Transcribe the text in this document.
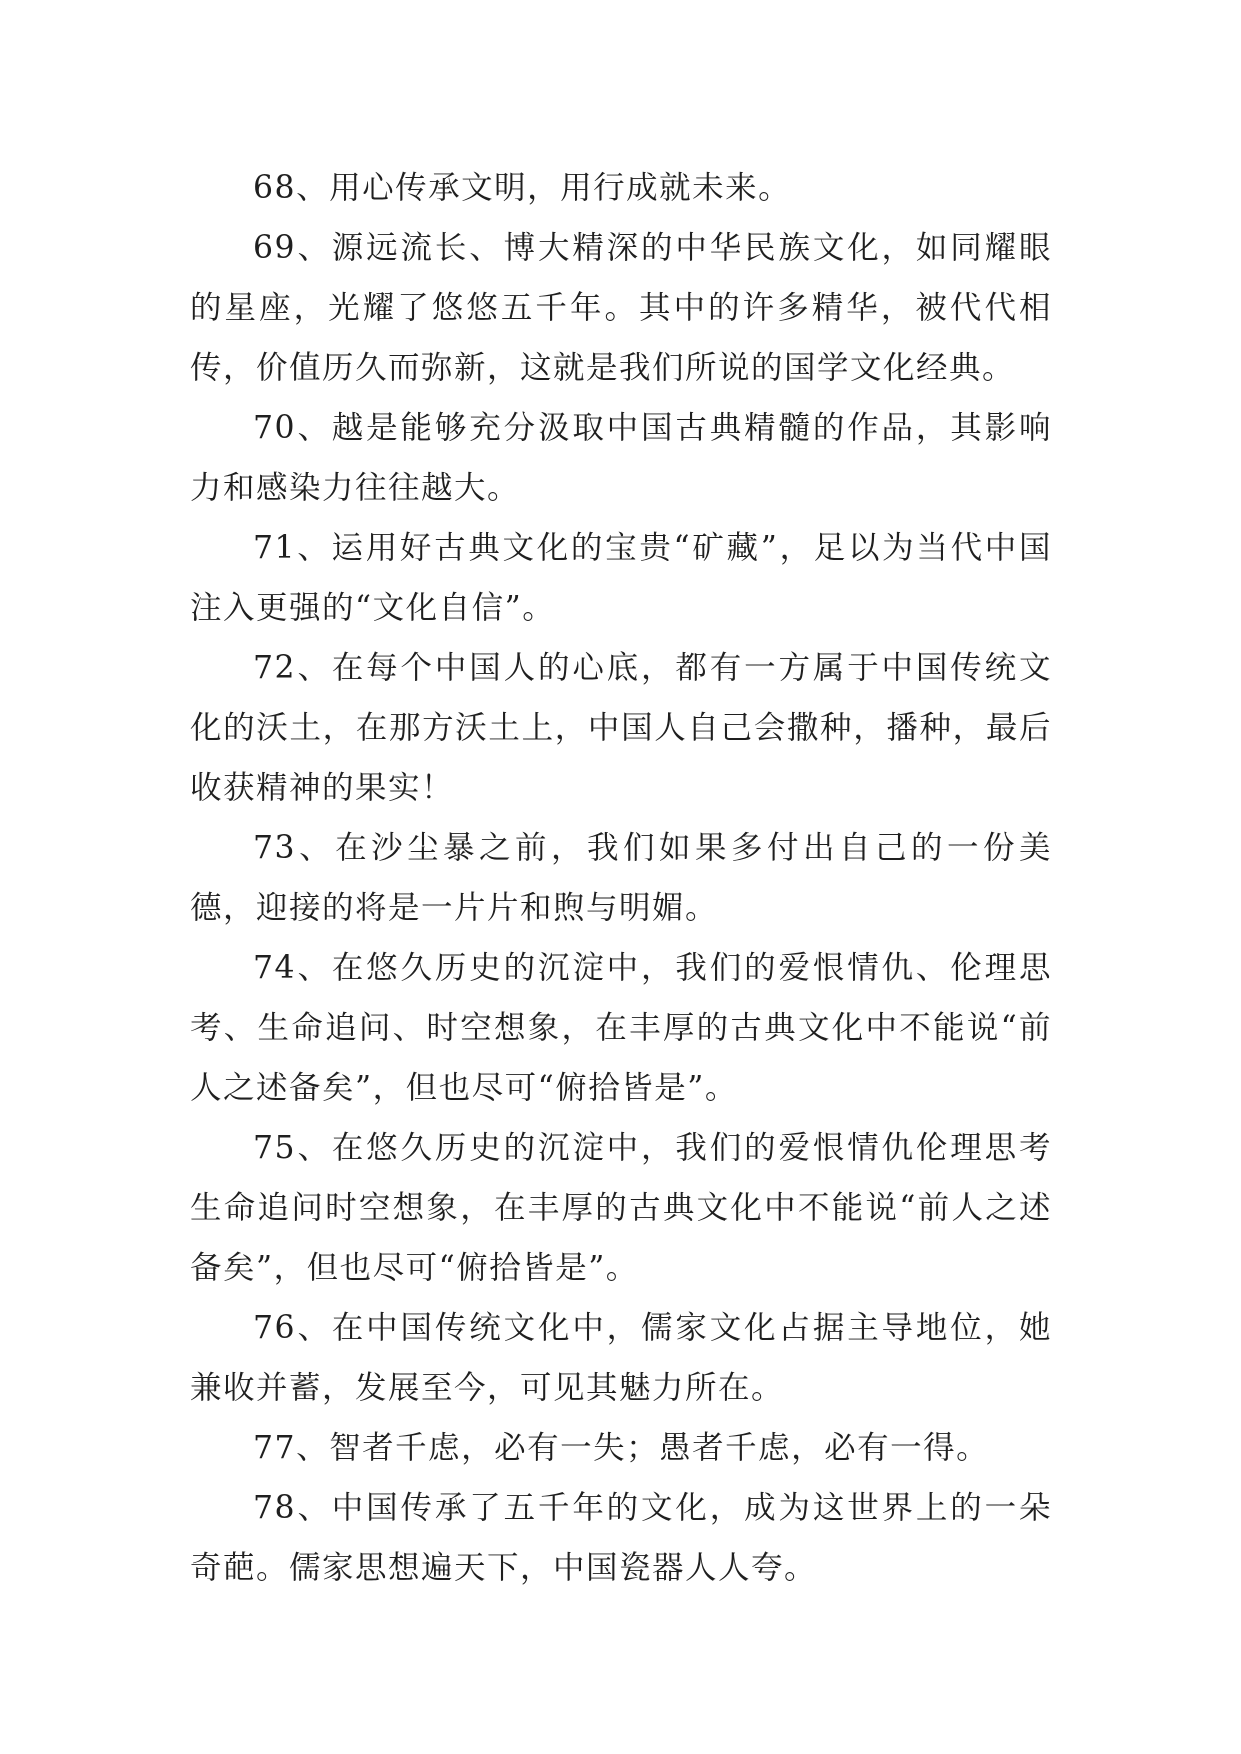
68、用心传承文明，用行成就未来。

69、源远流长、博大精深的中华民族文化，如同耀眼的星座，光耀了悠悠五千年。其中的许多精华，被代代相传，价值历久而弥新，这就是我们所说的国学文化经典。

70、越是能够充分汲取中国古典精髓的作品，其影响力和感染力往往越大。

71、运用好古典文化的宝贵“矿藏”，足以为当代中国注入更强的“文化自信”。

72、在每个中国人的心底，都有一方属于中国传统文化的沃土，在那方沃土上，中国人自己会撒种，播种，最后收获精神的果实！

73、在沙尘暴之前，我们如果多付出自己的一份美德，迎接的将是一片片和煦与明媚。

74、在悠久历史的沉淀中，我们的爱恨情仇、伦理思考、生命追问、时空想象，在丰厚的古典文化中不能说“前人之述备矣”，但也尽可“俯拾皆是”。

75、在悠久历史的沉淀中，我们的爱恨情仇伦理思考生命追问时空想象，在丰厚的古典文化中不能说“前人之述备矣”，但也尽可“俯拾皆是”。

76、在中国传统文化中，儒家文化占据主导地位，她兼收并蓄，发展至今，可见其魅力所在。

77、智者千虑，必有一失；愚者千虑，必有一得。

78、中国传承了五千年的文化，成为这世界上的一朵奇葩。儒家思想遍天下，中国瓷器人人夸。
